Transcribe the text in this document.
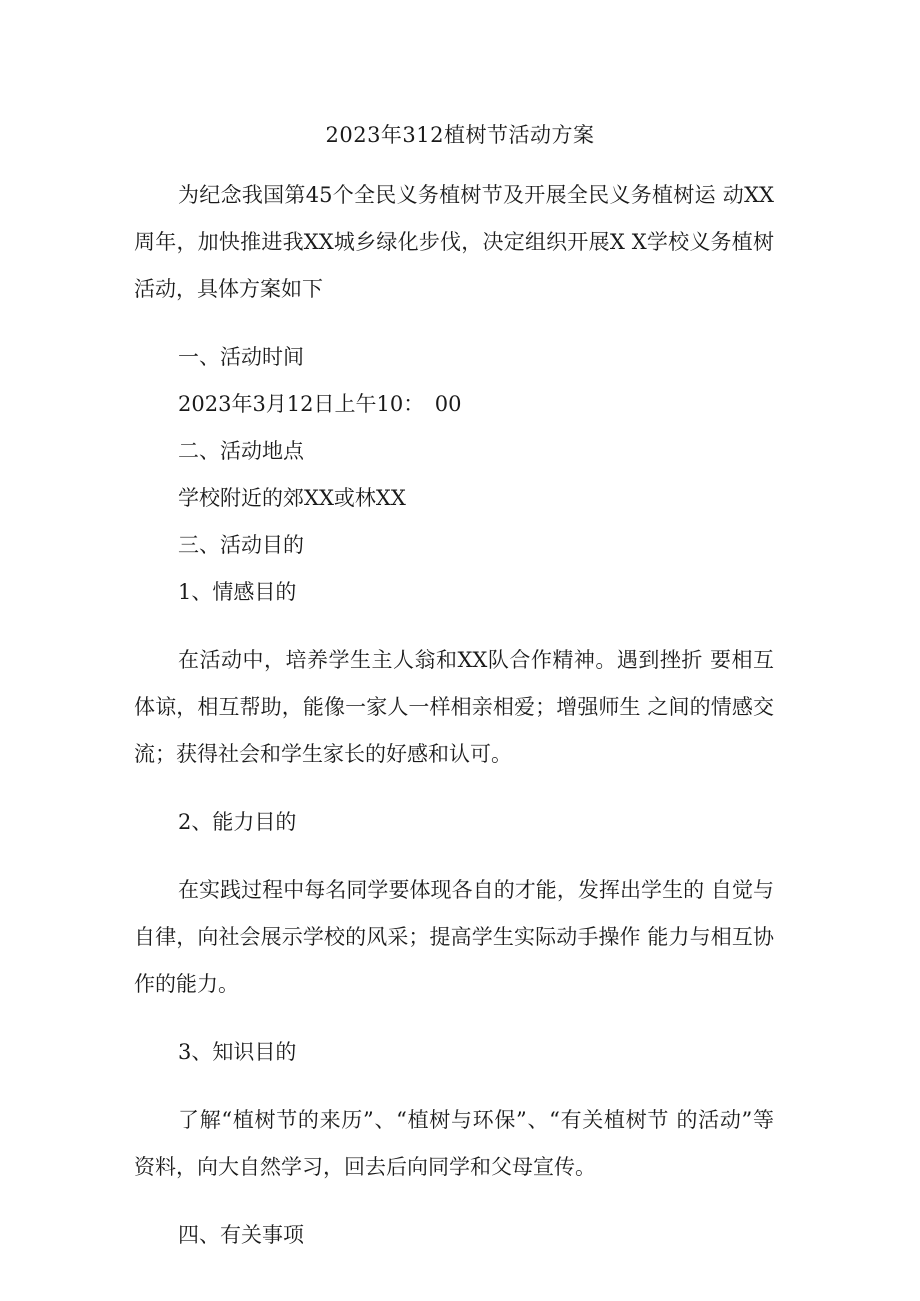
2023年312植树节活动方案

为纪念我国第45个全民义务植树节及开展全民义务植树运 动XX周年，加快推进我XX城乡绿化步伐，决定组织开展X X学校义务植树活动，具体方案如下

一、活动时间
2023年3月12日上午10：　00
二、活动地点
学校附近的郊XX或林XX
三、活动目的
1、情感目的

在活动中，培养学生主人翁和XX队合作精神。遇到挫折 要相互体谅，相互帮助，能像一家人一样相亲相爱；增强师生 之间的情感交流；获得社会和学生家长的好感和认可。

2、能力目的

在实践过程中每名同学要体现各自的才能，发挥出学生的 自觉与自律，向社会展示学校的风采；提高学生实际动手操作 能力与相互协作的能力。

3、知识目的

了解“植树节的来历”、“植树与环保”、“有关植树节 的活动”等资料，向大自然学习，回去后向同学和父母宣传。

四、有关事项
